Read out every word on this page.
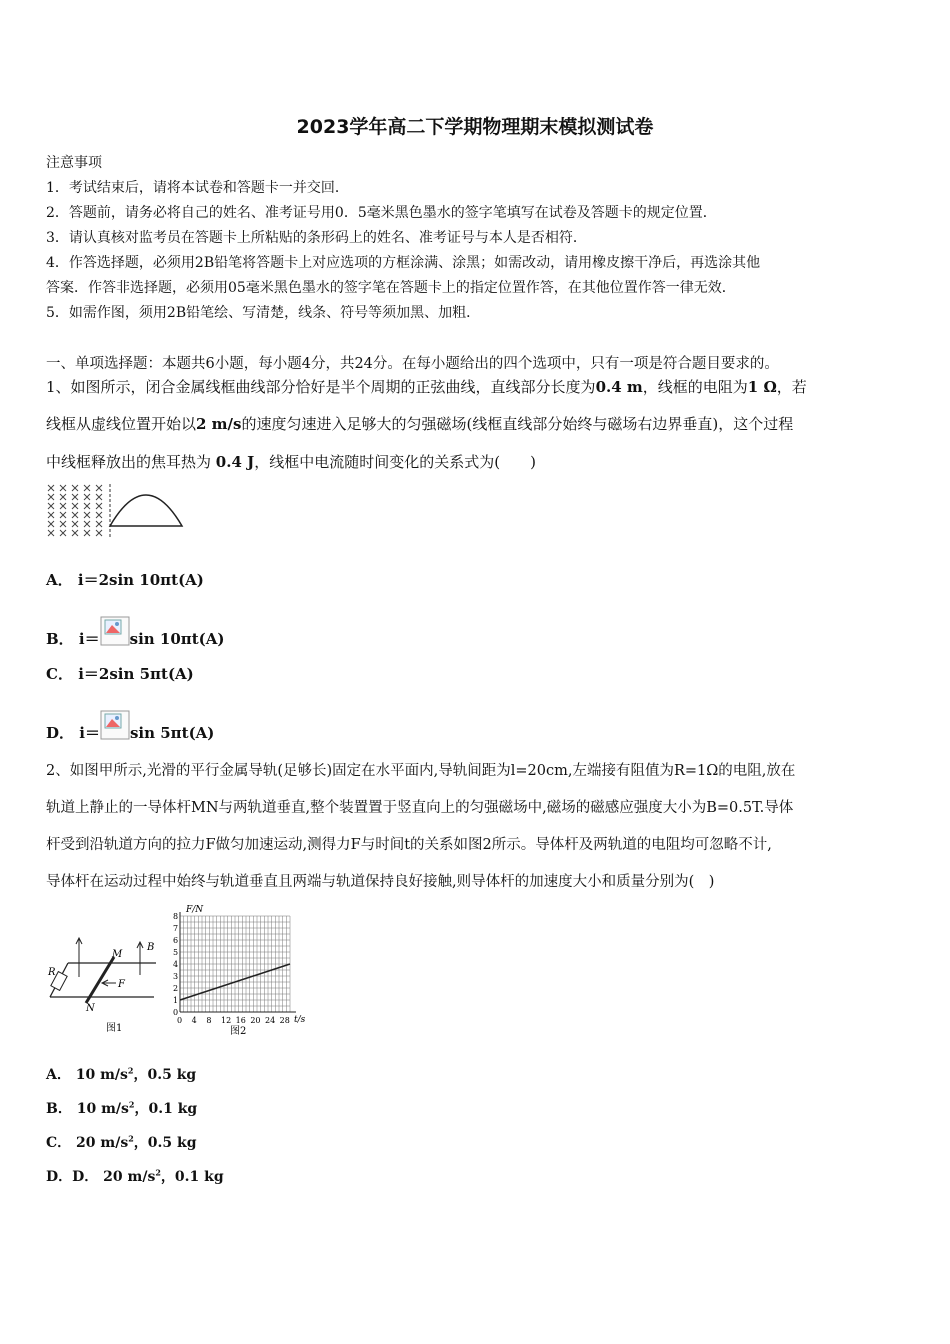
2023学年高二下学期物理期末模拟测试卷
注意事项
1．考试结束后，请将本试卷和答题卡一并交回．
2．答题前，请务必将自己的姓名、准考证号用0．5毫米黑色墨水的签字笔填写在试卷及答题卡的规定位置．
3．请认真核对监考员在答题卡上所粘贴的条形码上的姓名、准考证号与本人是否相符．
4．作答选择题，必须用2B铅笔将答题卡上对应选项的方框涂满、涂黑；如需改动，请用橡皮擦干净后，再选涂其他
答案．作答非选择题，必须用05毫米黑色墨水的签字笔在答题卡上的指定位置作答，在其他位置作答一律无效．
5．如需作图，须用2B铅笔绘、写清楚，线条、符号等须加黑、加粗．
一、单项选择题：本题共6小题，每小题4分，共24分。在每小题给出的四个选项中，只有一项是符合题目要求的。
1、如图所示，闭合金属线框曲线部分恰好是半个周期的正弦曲线，直线部分长度为0.4 m，线框的电阻为1 Ω，若
线框从虚线位置开始以2 m/s的速度匀速进入足够大的匀强磁场(线框直线部分始终与磁场右边界垂直)，这个过程
中线框释放出的焦耳热为 0.4 J，线框中电流随时间变化的关系式为(　　)
A． i＝2sin 10πt(A)
B． i＝ sin 10πt(A)
C． i＝2sin 5πt(A)
D． i＝ sin 5πt(A)
2、如图甲所示,光滑的平行金属导轨(足够长)固定在水平面内,导轨间距为l=20cm,左端接有阻值为R=1Ω的电阻,放在
轨道上静止的一导体杆MN与两轨道垂直,整个装置置于竖直向上的匀强磁场中,磁场的磁感应强度大小为B=0.5T.导体
杆受到沿轨道方向的拉力F做匀加速运动,测得力F与时间t的关系如图2所示。导体杆及两轨道的电阻均可忽略不计,
导体杆在运动过程中始终与轨道垂直且两端与轨道保持良好接触,则导体杆的加速度大小和质量分别为(　)
R
M
N
F
B
图1
8
7
6
5
4
3
2
1
0
4 8 12 16 20 24 28
0
F/N
t/s
图2
A． 10 $m/s^2$，0.5 kg
B． 10 $m/s^2$，0.1 kg
C． 20 $m/s^2$，0.5 kg
D．D． 20 $m/s^2$，0.1 kg
